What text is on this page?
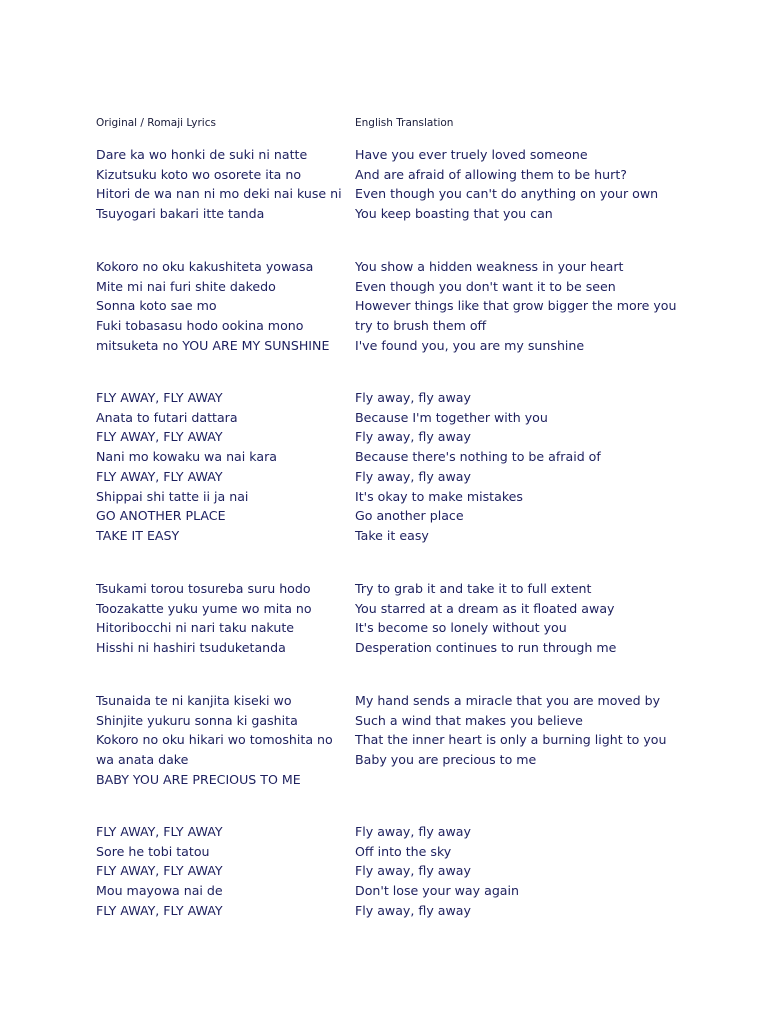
Original / Romaji Lyrics	English Translation
Dare ka wo honki de suki ni natte
Kizutsuku koto wo osorete ita no
Hitori de wa nan ni mo deki nai kuse ni
Tsuyogari bakari itte tanda
Have you ever truely loved someone
And are afraid of allowing them to be hurt?
Even though you can't do anything on your own
You keep boasting that you can
Kokoro no oku kakushiteta yowasa
Mite mi nai furi shite dakedo
Sonna koto sae mo
Fuki tobasasu hodo ookina mono
mitsuketa no YOU ARE MY SUNSHINE
You show a hidden weakness in your heart
Even though you don't want it to be seen
However things like that grow bigger the more you
try to brush them off
I've found you, you are my sunshine
FLY AWAY, FLY AWAY
Anata to futari dattara
FLY AWAY, FLY AWAY
Nani mo kowaku wa nai kara
FLY AWAY, FLY AWAY
Shippai shi tatte ii ja nai
GO ANOTHER PLACE
TAKE IT EASY
Fly away, fly away
Because I'm together with you
Fly away, fly away
Because there's nothing to be afraid of
Fly away, fly away
It's okay to make mistakes
Go another place
Take it easy
Tsukami torou tosureba suru hodo
Toozakatte yuku yume wo mita no
Hitoribocchi ni nari taku nakute
Hisshi ni hashiri tsuduketanda
Try to grab it and take it to full extent
You starred at a dream as it floated away
It's become so lonely without you
Desperation continues to run through me
Tsunaida te ni kanjita kiseki wo
Shinjite yukuru sonna ki gashita
Kokoro no oku hikari wo tomoshita no
wa anata dake
BABY YOU ARE PRECIOUS TO ME
My hand sends a miracle that you are moved by
Such a wind that makes you believe
That the inner heart is only a burning light to you
Baby you are precious to me
FLY AWAY, FLY AWAY
Sore he tobi tatou
FLY AWAY, FLY AWAY
Mou mayowa nai de
FLY AWAY, FLY AWAY
Fly away, fly away
Off into the sky
Fly away, fly away
Don't lose your way again
Fly away, fly away
